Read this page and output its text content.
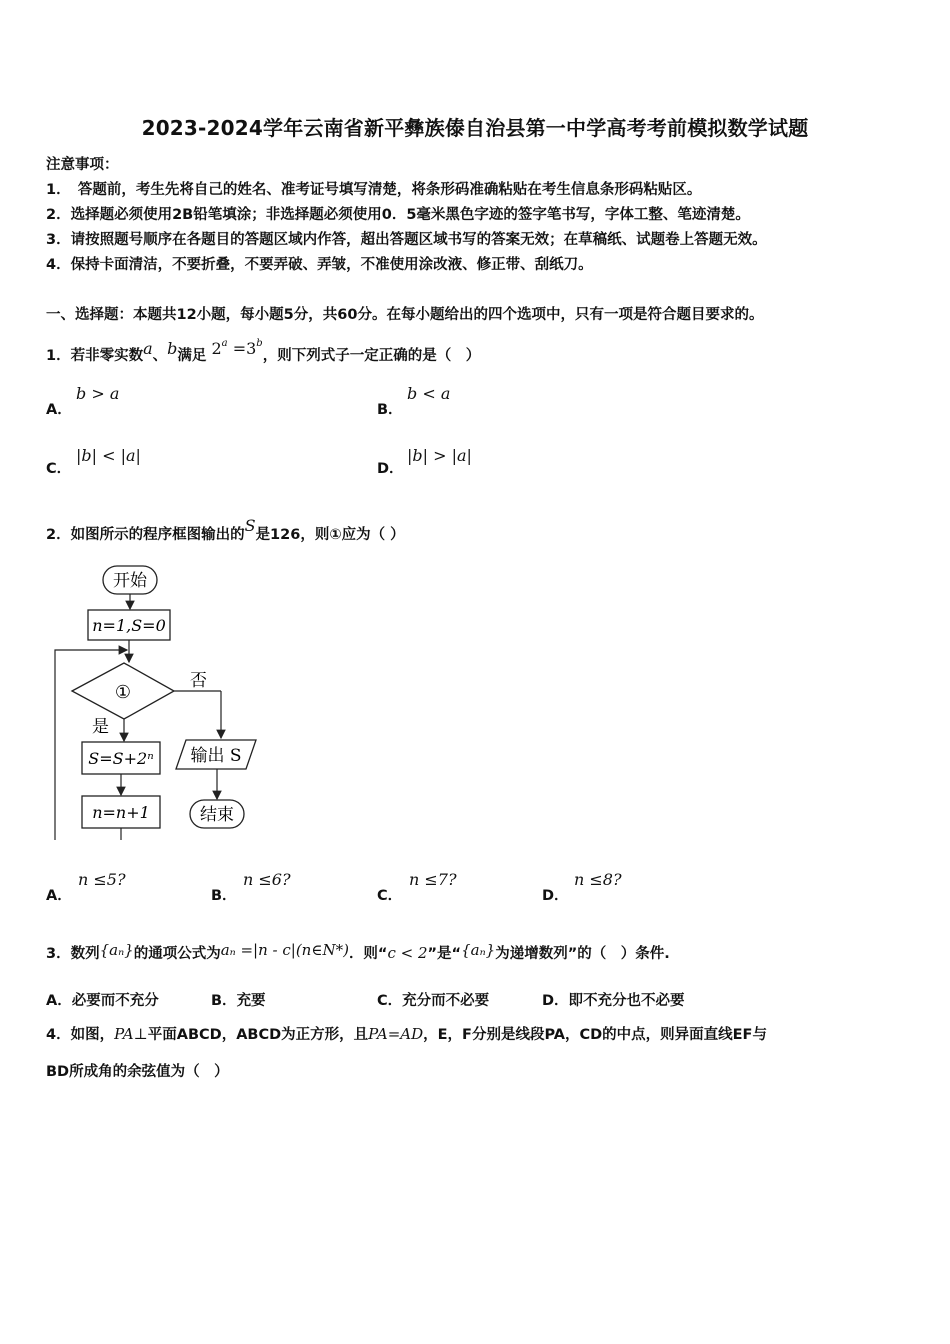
2023-2024学年云南省新平彝族傣自治县第一中学高考考前模拟数学试题
注意事项：
1．　答题前，考生先将自己的姓名、准考证号填写清楚，将条形码准确粘贴在考生信息条形码粘贴区。
2．选择题必须使用2B铅笔填涂；非选择题必须使用0．5毫米黑色字迹的签字笔书写，字体工整、笔迹清楚。
3．请按照题号顺序在各题目的答题区域内作答，超出答题区域书写的答案无效；在草稿纸、试题卷上答题无效。
4．保持卡面清洁，不要折叠，不要弄破、弄皱，不准使用涂改液、修正带、刮纸刀。
一、选择题：本题共12小题，每小题5分，共60分。在每小题给出的四个选项中，只有一项是符合题目要求的。
1．若非零实数a、b满足 $2^a =3^b$，则下列式子一定正确的是（　）
A．
b > a
B．
b < a
C．
|b| < |a|
D．
|b| > |a|
2．如图所示的程序框图输出的S是126，则①应为（ ）
开始
n=1,S=0
①
否
输出 S
结束
是
S=S+2ⁿ
n=n+1
A．
n ≤5?
B．
n ≤6?
C．
n ≤7?
D．
n ≤8?
3．数列{aₙ}的通项公式为aₙ =|n - c|(n∈N*)．则“c < 2”是“{aₙ}为递增数列”的（　）条件.
A．必要而不充分	B．充要	C．充分而不必要	D．即不充分也不必要
4．如图，PA⊥平面ABCD，ABCD为正方形，且PA=AD，E，F分别是线段PA，CD的中点，则异面直线EF与
BD所成角的余弦值为（　）
